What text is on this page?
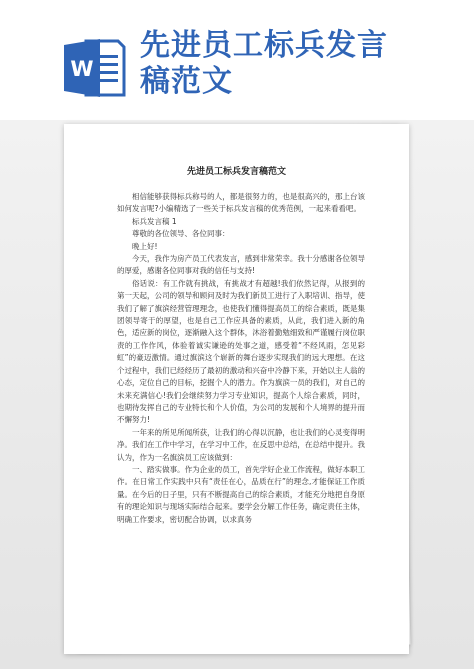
W
先进员工标兵发言
稿范文
先进员工标兵发言稿范文

相信能够获得标兵称号的人，都是很努力的，也是很高兴的，那上台该如何发言呢?小编精选了一些关于标兵发言稿的优秀范例，一起来看看吧。

标兵发言稿 1

尊敬的各位领导、各位同事：

晚上好!

今天，我作为房产员工代表发言，感到非常荣幸。我十分感谢各位领导的厚爱，感谢各位同事对我的信任与支持!

俗话说：有工作就有挑战，有挑战才有超越!我们依然记得，从报到的第一天起，公司的领导和顾问及时为我们新员工进行了入职培训、指导，使我们了解了旗滨经营管理理念，也使我们懂得提高员工的综合素质，既是集团领导寄于的厚望，也是自己工作应具备的素质，从此，我们进入新的角色，适应新的岗位，逐渐融入这个群体，沐浴着勤勉细致和严谨履行岗位职责的工作作风，体验着诚实谦逊的处事之道，感受着“不经风雨，怎见彩虹”的豪迈激情。通过旗滨这个崭新的舞台逐步实现我们的远大理想。在这个过程中，我们已经经历了最初的激动和兴奋中冷静下来，开始以主人翁的心态，定位自己的目标，挖掘个人的潜力。作为旗滨一员的我们，对自己的未来充满信心!我们会继续努力学习专业知识，提高个人综合素质，同时，也期待发挥自己的专业特长和个人价值，为公司的发展和个人境界的提升而不懈努力!

一年来的所见所闻所获，让我们的心得以沉静，也让我们的心灵变得明净。我们在工作中学习，在学习中工作，在反思中总结，在总结中提升。我认为，作为一名旗滨员工应该做到：

一、踏实做事。作为企业的员工，首先学好企业工作流程，做好本职工作。在日常工作实践中只有“责任在心，品质在行”的理念,才能保证工作质量。在今后的日子里，只有不断提高自己的综合素质，才能充分地把自身原有的理论知识与现场实际结合起来。要学会分解工作任务，确定责任主体，明确工作要求，密切配合协调，以求真务
